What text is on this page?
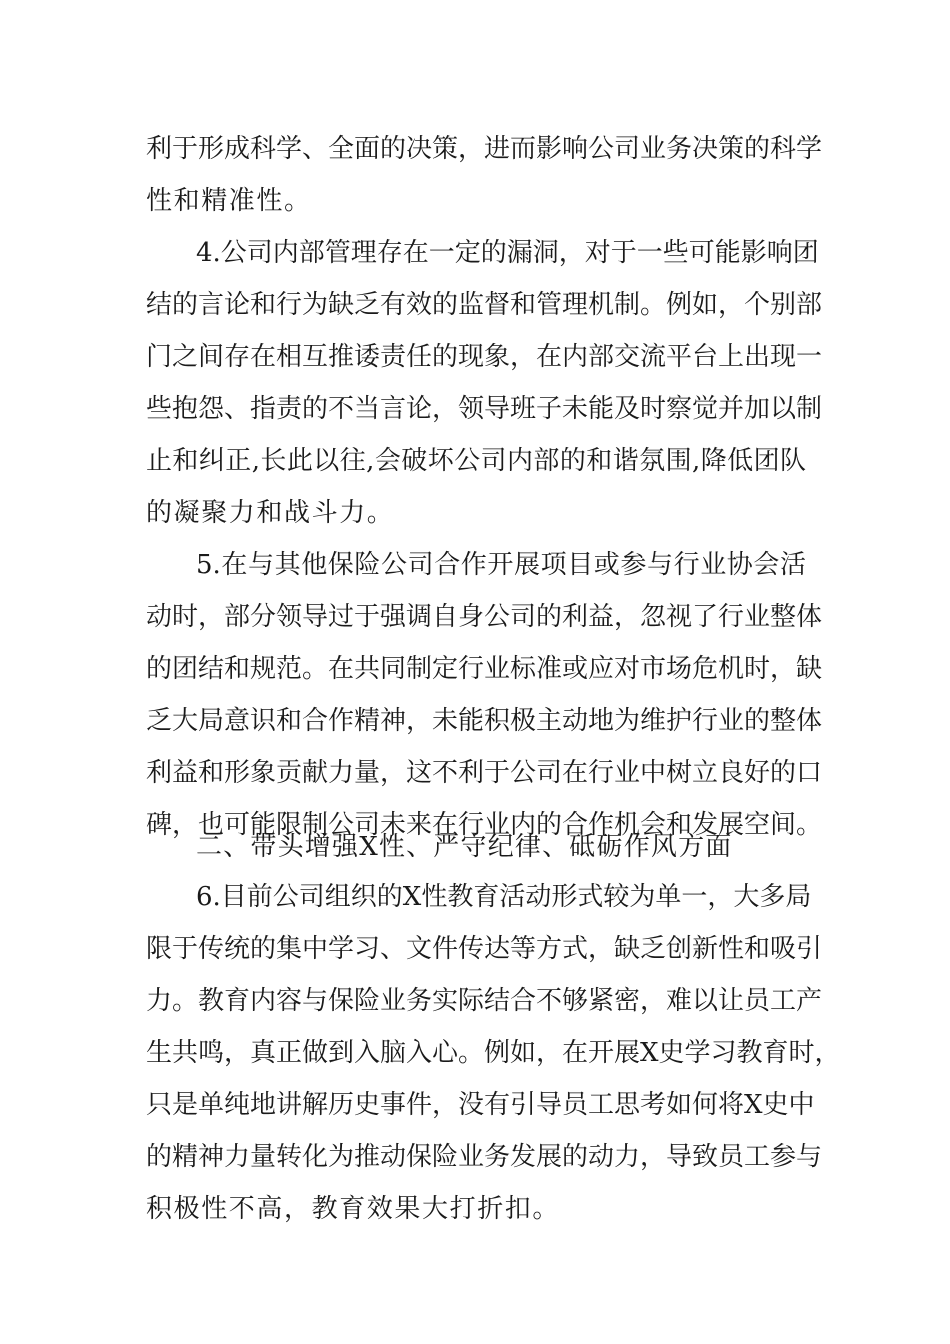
利于形成科学、全面的决策，进而影响公司业务决策的科学
性和精准性。
4.公司内部管理存在一定的漏洞，对于一些可能影响团
结的言论和行为缺乏有效的监督和管理机制。例如，个别部
门之间存在相互推诿责任的现象，在内部交流平台上出现一
些抱怨、指责的不当言论，领导班子未能及时察觉并加以制
止和纠正,长此以往,会破坏公司内部的和谐氛围,降低团队
的凝聚力和战斗力。
5.在与其他保险公司合作开展项目或参与行业协会活
动时，部分领导过于强调自身公司的利益，忽视了行业整体
的团结和规范。在共同制定行业标准或应对市场危机时，缺
乏大局意识和合作精神，未能积极主动地为维护行业的整体
利益和形象贡献力量，这不利于公司在行业中树立良好的口
碑，也可能限制公司未来在行业内的合作机会和发展空间。
二、带头增强X性、严守纪律、砥砺作风方面
6.目前公司组织的X性教育活动形式较为单一，大多局
限于传统的集中学习、文件传达等方式，缺乏创新性和吸引
力。教育内容与保险业务实际结合不够紧密，难以让员工产
生共鸣，真正做到入脑入心。例如，在开展X史学习教育时，
只是单纯地讲解历史事件，没有引导员工思考如何将X史中
的精神力量转化为推动保险业务发展的动力，导致员工参与
积极性不高，教育效果大打折扣。
